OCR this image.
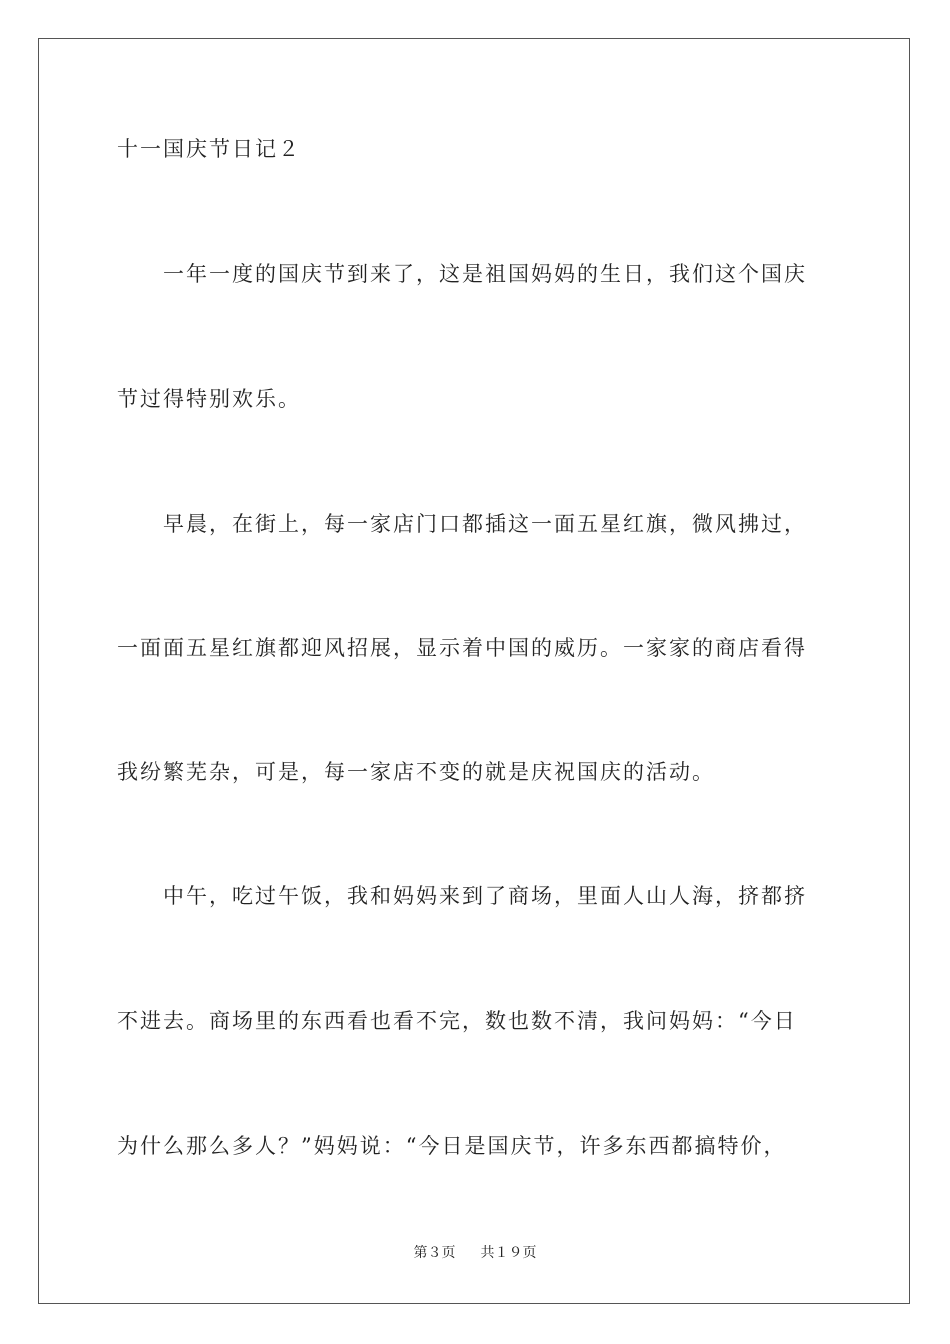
十一国庆节日记２
　　一年一度的国庆节到来了，这是祖国妈妈的生日，我们这个国庆
节过得特别欢乐。
　　早晨，在街上，每一家店门口都插这一面五星红旗，微风拂过，
一面面五星红旗都迎风招展，显示着中国的威历。一家家的商店看得
我纷繁芜杂，可是，每一家店不变的就是庆祝国庆的活动。
　　中午，吃过午饭，我和妈妈来到了商场，里面人山人海，挤都挤
不进去。商场里的东西看也看不完，数也数不清，我问妈妈：“今日
为什么那么多人？”妈妈说：“今日是国庆节，许多东西都搞特价，
第３页 共１９页
